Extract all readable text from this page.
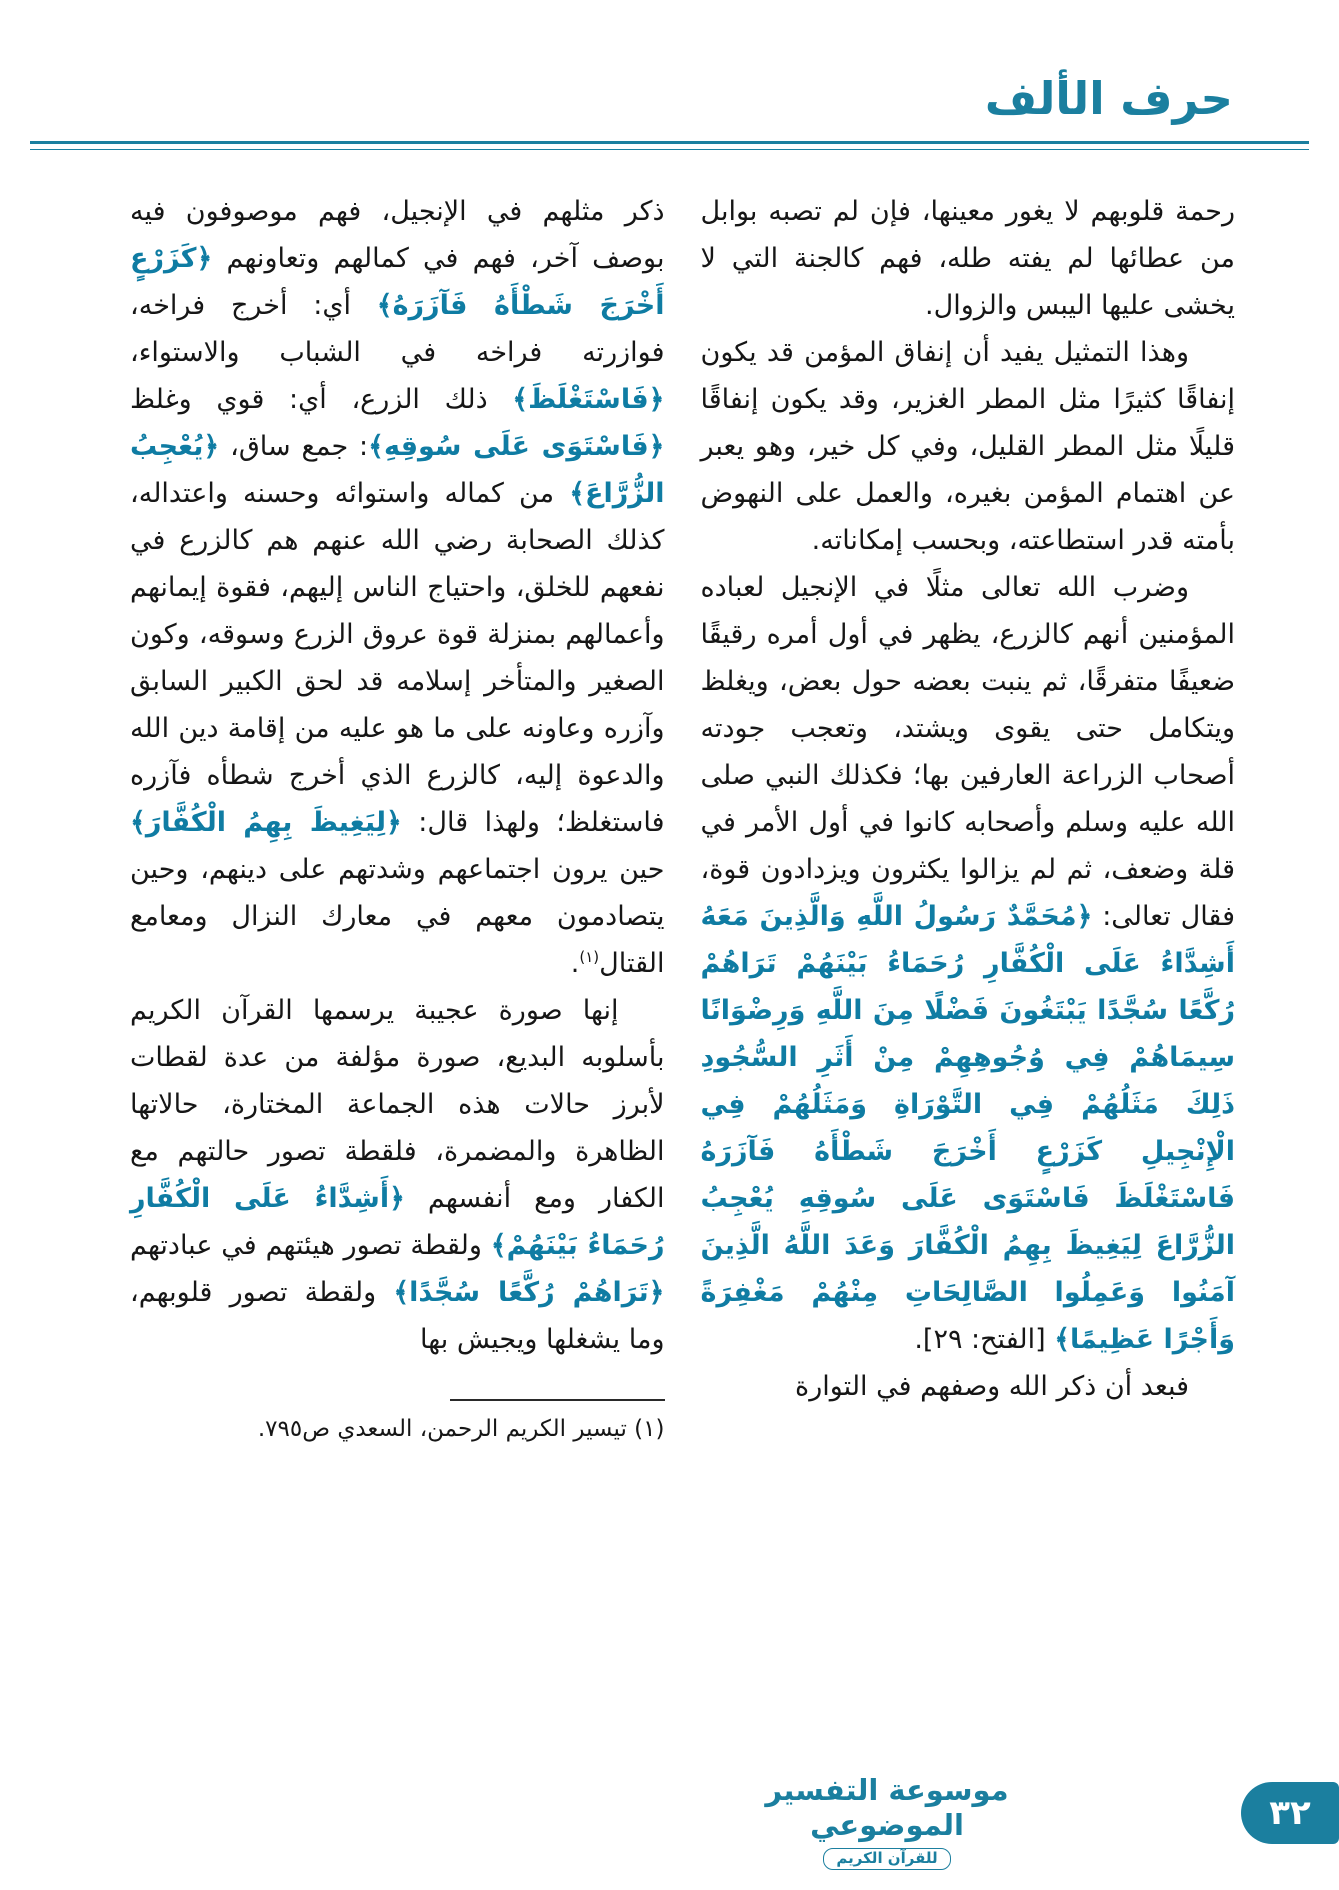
حرف الألف

رحمة قلوبهم لا يغور معينها، فإن لم تصبه بوابل من عطائها لم يفته طله، فهم كالجنة التي لا يخشى عليها اليبس والزوال.

وهذا التمثيل يفيد أن إنفاق المؤمن قد يكون إنفاقًا كثيرًا مثل المطر الغزير، وقد يكون إنفاقًا قليلًا مثل المطر القليل، وفي كل خير، وهو يعبر عن اهتمام المؤمن بغيره، والعمل على النهوض بأمته قدر استطاعته، وبحسب إمكاناته.

وضرب الله تعالى مثلًا في الإنجيل لعباده المؤمنين أنهم كالزرع، يظهر في أول أمره رقيقًا ضعيفًا متفرقًا، ثم ينبت بعضه حول بعض، ويغلظ ويتكامل حتى يقوى ويشتد، وتعجب جودته أصحاب الزراعة العارفين بها؛ فكذلك النبي صلى الله عليه وسلم وأصحابه كانوا في أول الأمر في قلة وضعف، ثم لم يزالوا يكثرون ويزدادون قوة، فقال تعالى: ﴿مُحَمَّدٌ رَسُولُ اللَّهِ وَالَّذِينَ مَعَهُ أَشِدَّاءُ عَلَى الْكُفَّارِ رُحَمَاءُ بَيْنَهُمْ تَرَاهُمْ رُكَّعًا سُجَّدًا يَبْتَغُونَ فَضْلًا مِنَ اللَّهِ وَرِضْوَانًا سِيمَاهُمْ فِي وُجُوهِهِمْ مِنْ أَثَرِ السُّجُودِ ذَلِكَ مَثَلُهُمْ فِي التَّوْرَاةِ وَمَثَلُهُمْ فِي الْإِنْجِيلِ كَزَرْعٍ أَخْرَجَ شَطْأَهُ فَآزَرَهُ فَاسْتَغْلَظَ فَاسْتَوَى عَلَى سُوقِهِ يُعْجِبُ الزُّرَّاعَ لِيَغِيظَ بِهِمُ الْكُفَّارَ وَعَدَ اللَّهُ الَّذِينَ آمَنُوا وَعَمِلُوا الصَّالِحَاتِ مِنْهُمْ مَغْفِرَةً وَأَجْرًا عَظِيمًا﴾ [الفتح: ٢٩].

فبعد أن ذكر الله وصفهم في التوارة

ذكر مثلهم في الإنجيل، فهم موصوفون فيه بوصف آخر، فهم في كمالهم وتعاونهم ﴿كَزَرْعٍ أَخْرَجَ شَطْأَهُ فَآزَرَهُ﴾ أي: أخرج فراخه، فوازرته فراخه في الشباب والاستواء، ﴿فَاسْتَغْلَظَ﴾ ذلك الزرع، أي: قوي وغلظ ﴿فَاسْتَوَى عَلَى سُوقِهِ﴾: جمع ساق، ﴿يُعْجِبُ الزُّرَّاعَ﴾ من كماله واستوائه وحسنه واعتداله، كذلك الصحابة رضي الله عنهم هم كالزرع في نفعهم للخلق، واحتياج الناس إليهم، فقوة إيمانهم وأعمالهم بمنزلة قوة عروق الزرع وسوقه، وكون الصغير والمتأخر إسلامه قد لحق الكبير السابق وآزره وعاونه على ما هو عليه من إقامة دين الله والدعوة إليه، كالزرع الذي أخرج شطأه فآزره فاستغلظ؛ ولهذا قال: ﴿لِيَغِيظَ بِهِمُ الْكُفَّارَ﴾ حين يرون اجتماعهم وشدتهم على دينهم، وحين يتصادمون معهم في معارك النزال ومعامع القتال$^{(١)}$.

إنها صورة عجيبة يرسمها القرآن الكريم بأسلوبه البديع، صورة مؤلفة من عدة لقطات لأبرز حالات هذه الجماعة المختارة، حالاتها الظاهرة والمضمرة، فلقطة تصور حالتهم مع الكفار ومع أنفسهم ﴿أَشِدَّاءُ عَلَى الْكُفَّارِ رُحَمَاءُ بَيْنَهُمْ﴾ ولقطة تصور هيئتهم في عبادتهم ﴿تَرَاهُمْ رُكَّعًا سُجَّدًا﴾ ولقطة تصور قلوبهم، وما يشغلها ويجيش بها

(١) تيسير الكريم الرحمن، السعدي ص٧٩٥.

موسوعة التفسير الموضوعي
للقرآن الكريم
٣٢
